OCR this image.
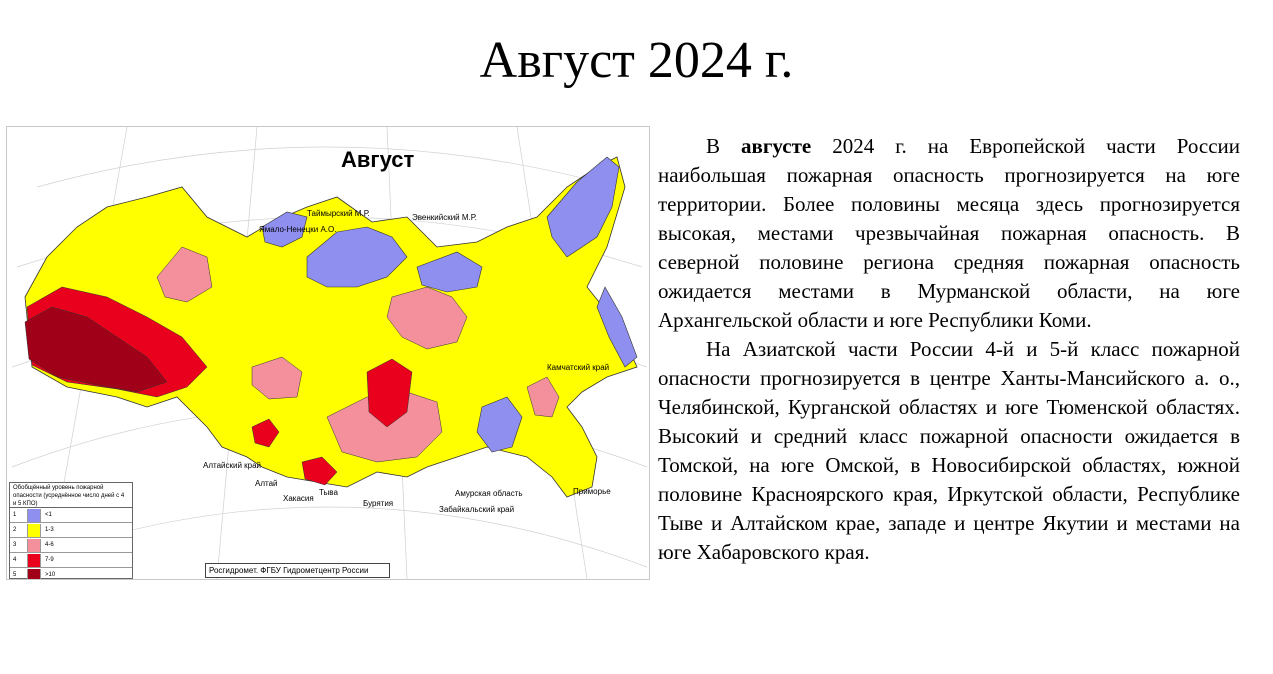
Август 2024 г.
Август
Таймырский М.Р.	Эвенкийский М.Р.
Ямало-Ненецки А.О.
Камчатский край
Алтайский край
Алтай
Хакасия
Тыва
Бурятия
Амурская область
Забайкальский край
Приморье
Обобщённый уровень пожарной опасности (усреднённое число дней с 4 и 5 КПО)
1	<1
2	1-3
3	4-6
4	7-9
5	>10	Росгидромет. ФГБУ Гидрометцентр России

В августе 2024 г. на Европейской части России наибольшая пожарная опасность прогнозируется на юге территории. Более половины месяца здесь прогнозируется высокая, местами чрезвычайная пожарная опасность. В северной половине региона средняя пожарная опасность ожидается местами в Мурманской области, на юге Архангельской области и юге Республики Коми.

На Азиатской части России 4-й и 5-й класс пожарной опасности прогнозируется в центре Ханты-Мансийского а. о., Челябинской, Курганской областях и юге Тюменской областях. Высокий и средний класс пожарной опасности ожидается в Томской, на юге Омской, в Новосибирской областях, южной половине Красноярского края, Иркутской области, Республике Тыве и Алтайском крае, западе и центре Якутии и местами на юге Хабаровского края.
